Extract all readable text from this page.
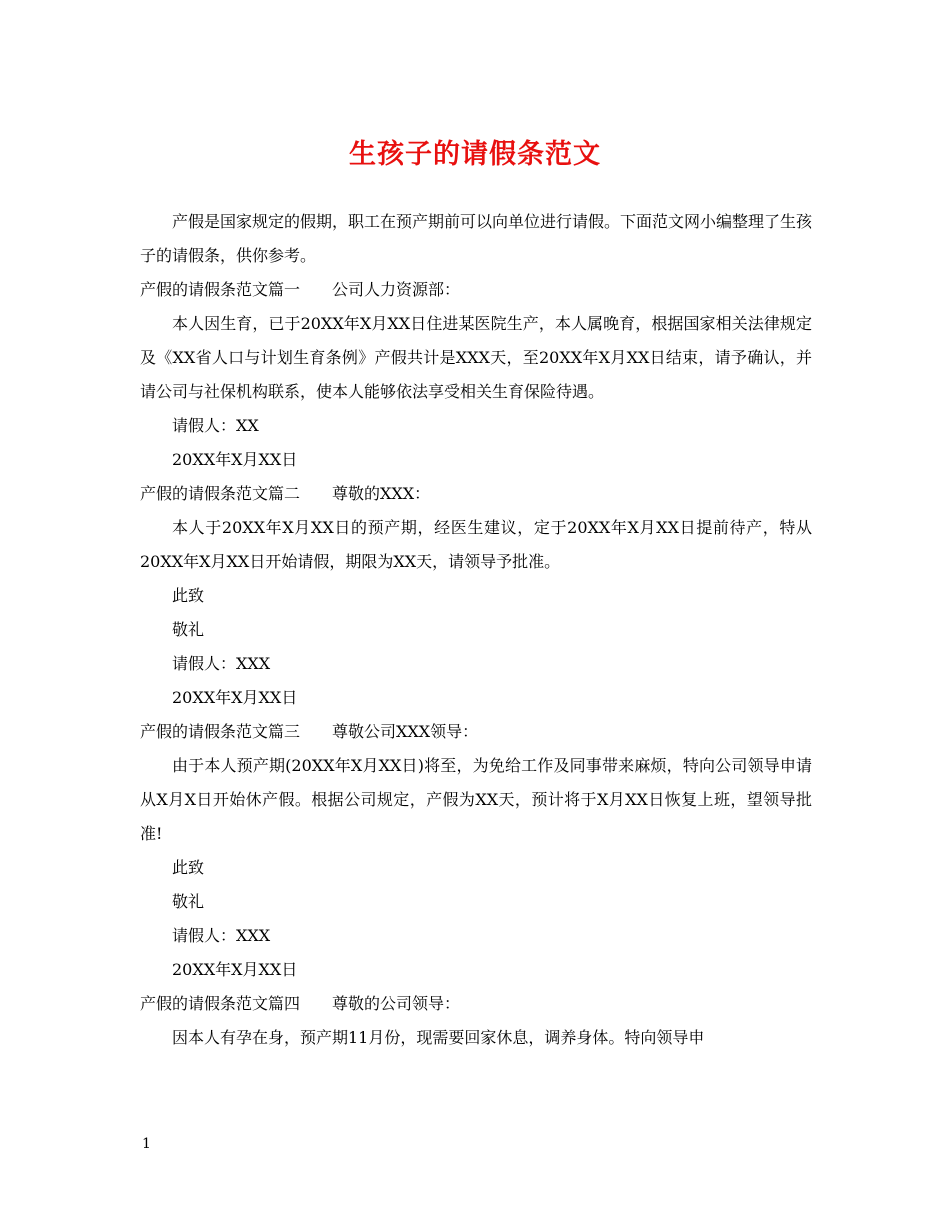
生孩子的请假条范文

产假是国家规定的假期，职工在预产期前可以向单位进行请假。下面范文网小编整理了生孩子的请假条，供你参考。

产假的请假条范文篇一　　公司人力资源部：

本人因生育，已于20XX年X月XX日住进某医院生产，本人属晚育，根据国家相关法律规定及《XX省人口与计划生育条例》产假共计是XXX天，至20XX年X月XX日结束，请予确认，并请公司与社保机构联系，使本人能够依法享受相关生育保险待遇。

请假人：XX

20XX年X月XX日

产假的请假条范文篇二　　尊敬的XXX：

本人于20XX年X月XX日的预产期，经医生建议，定于20XX年X月XX日提前待产，特从20XX年X月XX日开始请假，期限为XX天，请领导予批准。

此致

敬礼

请假人：XXX

20XX年X月XX日

产假的请假条范文篇三　　尊敬公司XXX领导：

由于本人预产期(20XX年X月XX日)将至，为免给工作及同事带来麻烦，特向公司领导申请从X月X日开始休产假。根据公司规定，产假为XX天，预计将于X月XX日恢复上班，望领导批准!

此致

敬礼

请假人：XXX

20XX年X月XX日

产假的请假条范文篇四　　尊敬的公司领导：

因本人有孕在身，预产期11月份，现需要回家休息，调养身体。特向领导申

1
